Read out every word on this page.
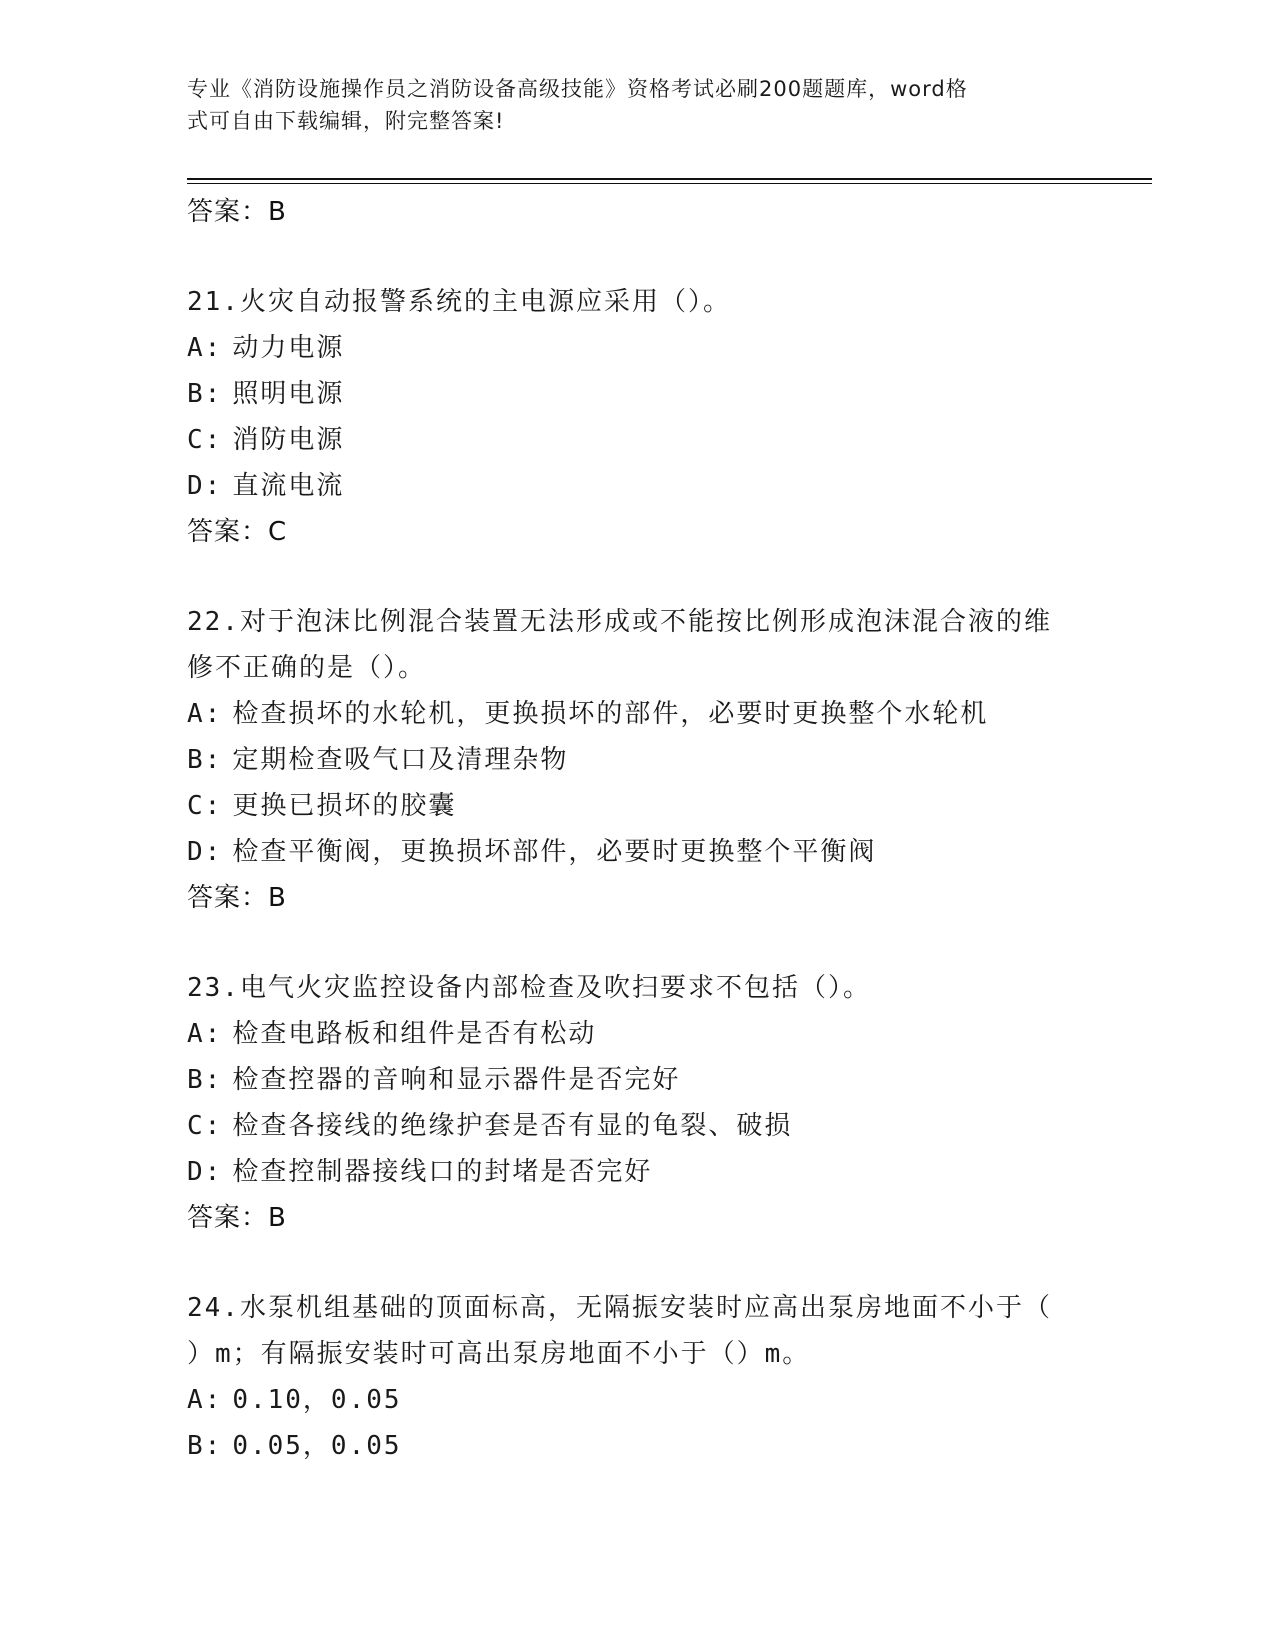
专业《消防设施操作员之消防设备高级技能》资格考试必刷200题题库，word格
式可自由下载编辑，附完整答案!
答案：B
21.火灾自动报警系统的主电源应采用（）。
A: 动力电源
B: 照明电源
C: 消防电源
D: 直流电流
答案：C
22.对于泡沫比例混合装置无法形成或不能按比例形成泡沫混合液的维
修不正确的是（）。
A: 检查损坏的水轮机，更换损坏的部件，必要时更换整个水轮机
B: 定期检查吸气口及清理杂物
C: 更换已损坏的胶囊
D: 检查平衡阀，更换损坏部件，必要时更换整个平衡阀
答案：B
23.电气火灾监控设备内部检查及吹扫要求不包括（）。
A: 检查电路板和组件是否有松动
B: 检查控器的音响和显示器件是否完好
C: 检查各接线的绝缘护套是否有显的龟裂、破损
D: 检查控制器接线口的封堵是否完好
答案：B
24.水泵机组基础的顶面标高，无隔振安装时应高出泵房地面不小于（
）m；有隔振安装时可高出泵房地面不小于（）m。
A: 0.10，0.05
B: 0.05，0.05
